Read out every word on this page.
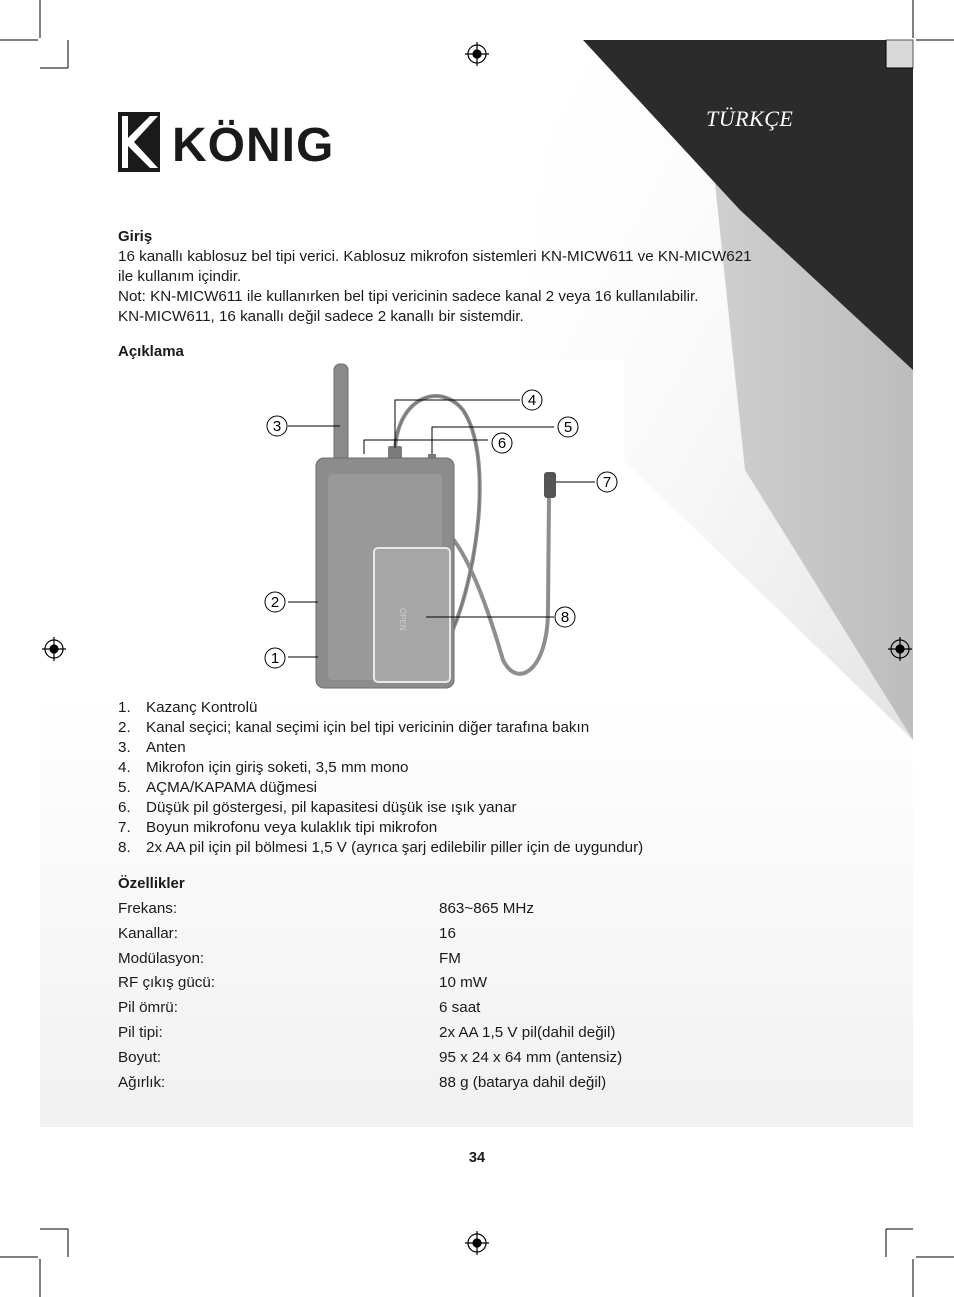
KÖNIG
TÜRKÇE

Giriş

16 kanallı kablosuz bel tipi verici. Kablosuz mikrofon sistemleri KN-MICW611 ve KN-MICW621

ile kullanım içindir.

Not: KN-MICW611 ile kullanırken bel tipi vericinin sadece kanal 2 veya 16 kullanılabilir.

KN-MICW611, 16 kanallı değil sadece 2 kanallı bir sistemdir.

Açıklama
OPEN
1
2
3
4
5
6
7
8
1.	Kazanç Kontrolü
2.	Kanal seçici; kanal seçimi için bel tipi vericinin diğer tarafına bakın
3.	Anten
4.	Mikrofon için giriş soketi, 3,5 mm mono
5.	AÇMA/KAPAMA düğmesi
6.	Düşük pil göstergesi, pil kapasitesi düşük ise ışık yanar
7.	Boyun mikrofonu veya kulaklık tipi mikrofon
8.	2x AA pil için pil bölmesi 1,5 V (ayrıca şarj edilebilir piller için de uygundur)
Özellikler
Frekans:	863~865 MHz
Kanallar:	16
Modülasyon:	FM
RF çıkış gücü:	10 mW
Pil ömrü:	6 saat
Pil tipi:	2x AA 1,5 V pil(dahil değil)
Boyut:	95 x 24 x 64 mm (antensiz)
Ağırlık:	88 g (batarya dahil değil)
34
